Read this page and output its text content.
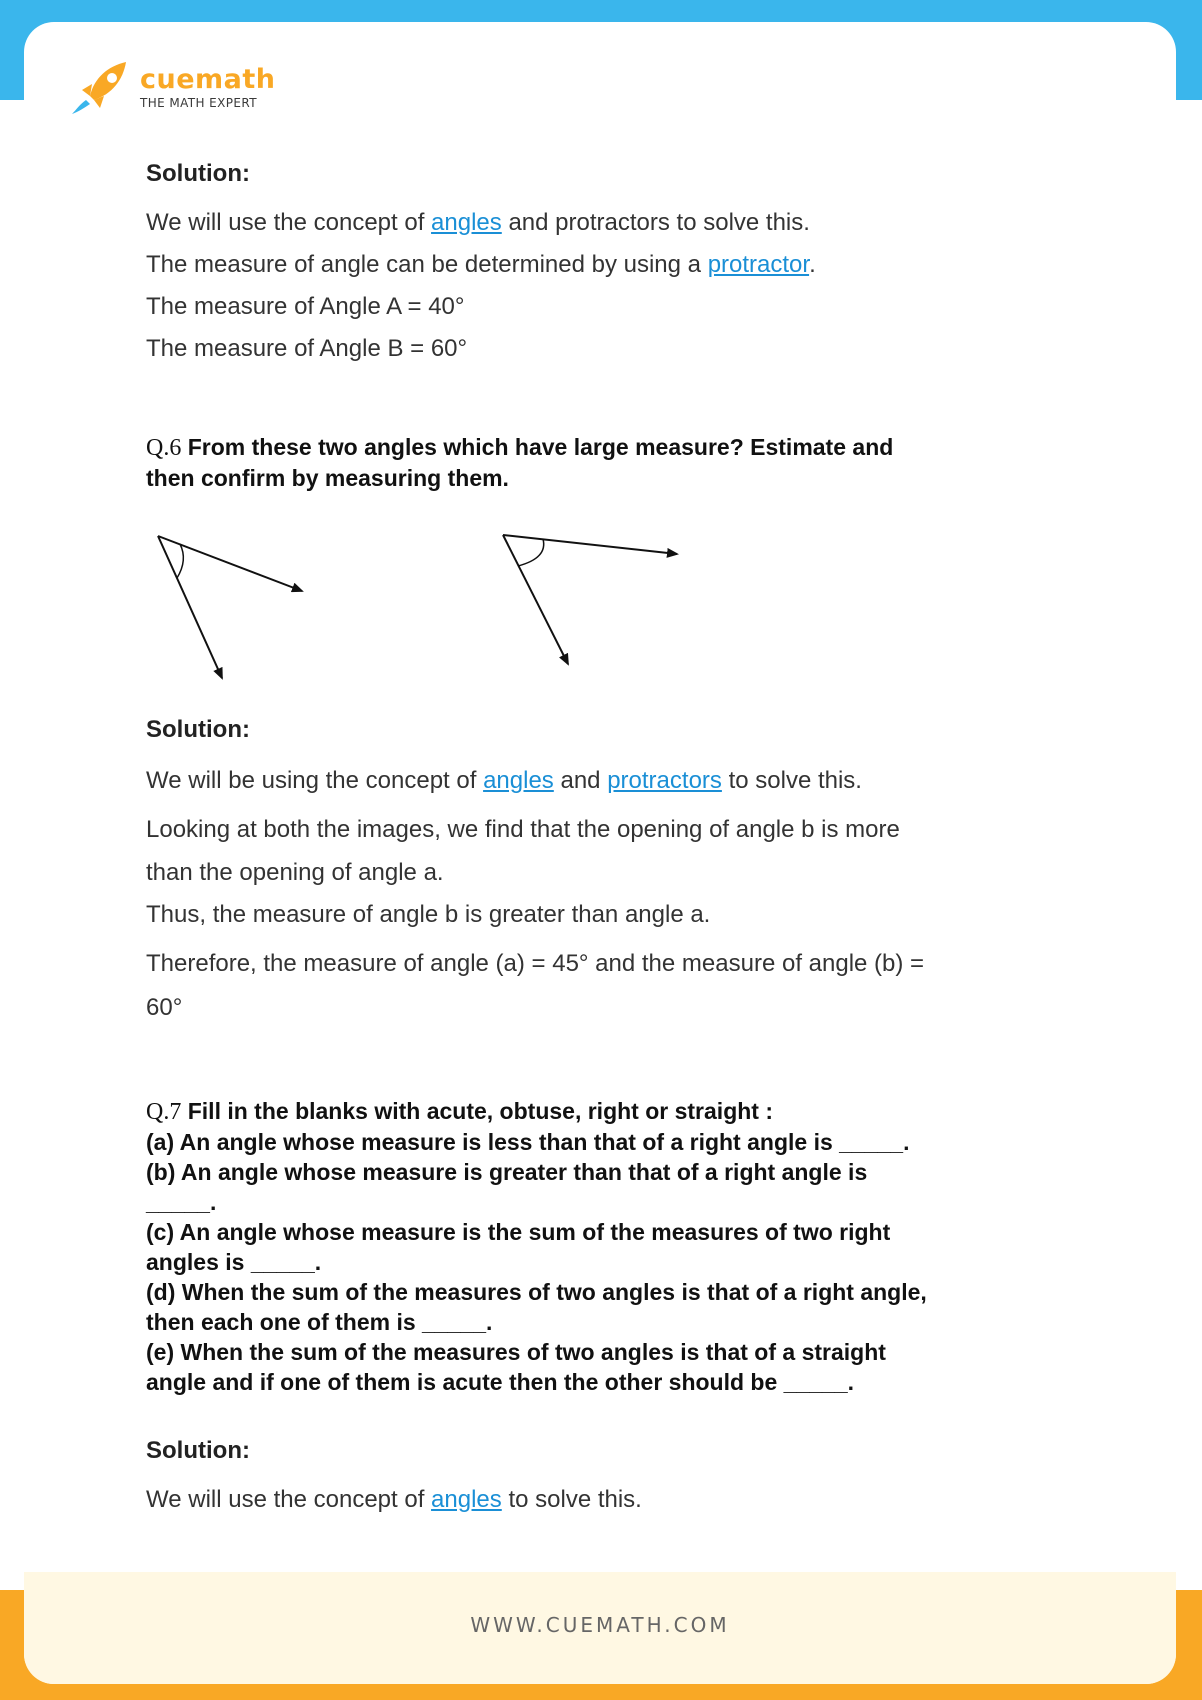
cuemath
THE MATH EXPERT
WWW.CUEMATH.COM
Solution:
We will use the concept of angles and protractors to solve this.
The measure of angle can be determined by using a protractor.
The measure of Angle A = 40°
The measure of Angle B = 60°
Q.6 From these two angles which have large measure? Estimate and
then confirm by measuring them.
Solution:
We will be using the concept of angles and protractors to solve this.
Looking at both the images, we find that the opening of angle b is more
than the opening of angle a.
Thus, the measure of angle b is greater than angle a.
Therefore, the measure of angle (a) = 45° and the measure of angle (b) =
60°
Q.7 Fill in the blanks with acute, obtuse, right or straight :
(a) An angle whose measure is less than that of a right angle is _____.
(b) An angle whose measure is greater than that of a right angle is
_____.
(c) An angle whose measure is the sum of the measures of two right
angles is _____.
(d) When the sum of the measures of two angles is that of a right angle,
then each one of them is _____.
(e) When the sum of the measures of two angles is that of a straight
angle and if one of them is acute then the other should be _____.
Solution:
We will use the concept of angles to solve this.
